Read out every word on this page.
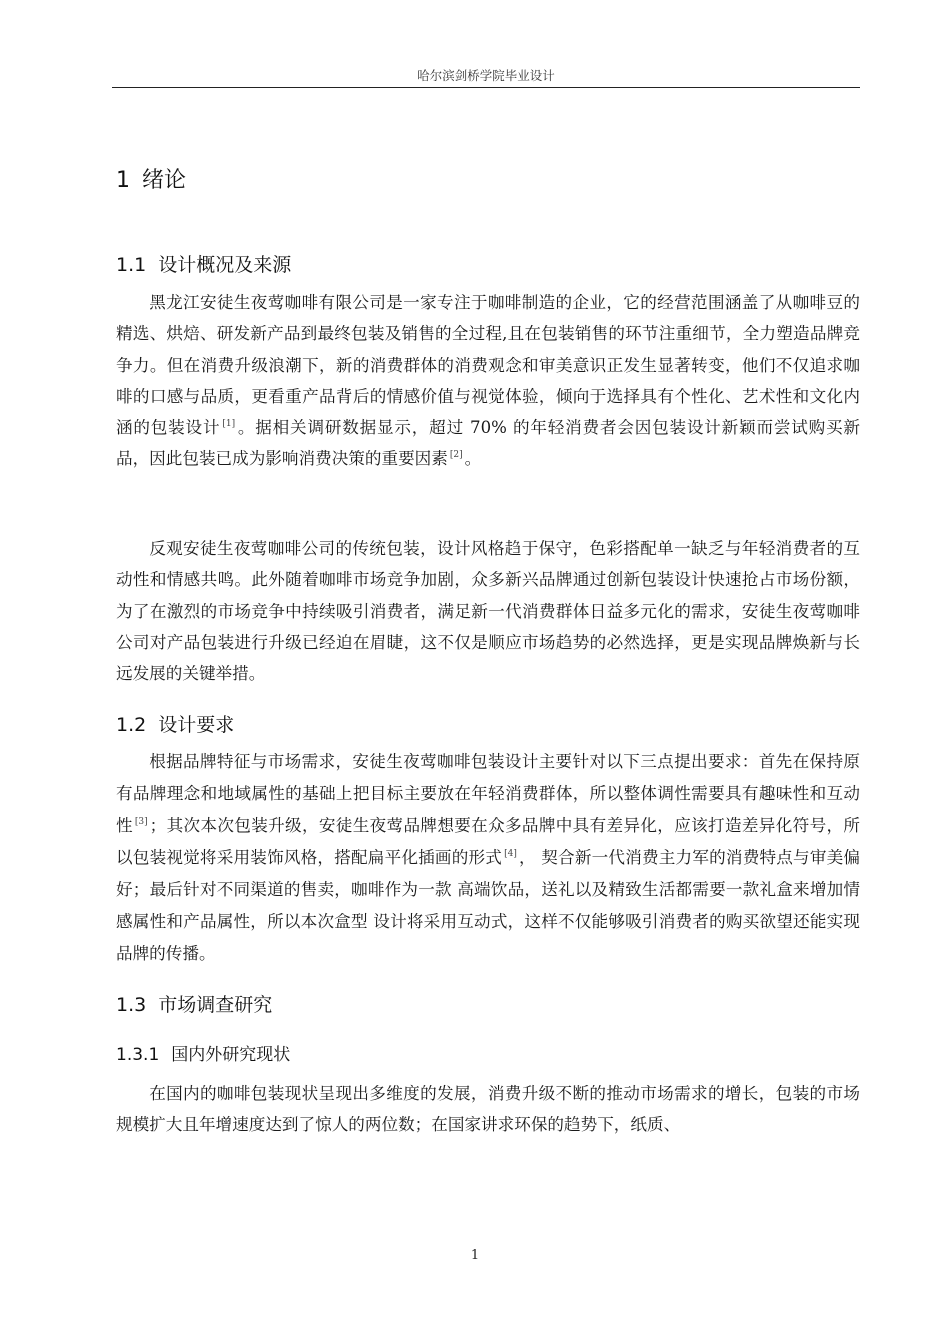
哈尔滨剑桥学院毕业设计
1 绪论
1.1 设计概况及来源

黑龙江安徒生夜莺咖啡有限公司是一家专注于咖啡制造的企业，它的经营范围涵盖了从咖啡豆的精选、烘焙、研发新产品到最终包装及销售的全过程,且在包装销售的环节注重细节，全力塑造品牌竞争力。但在消费升级浪潮下，新的消费群体的消费观念和审美意识正发生显著转变，他们不仅追求咖啡的口感与品质，更看重产品背后的情感价值与视觉体验，倾向于选择具有个性化、艺术性和文化内涵的包装设计 [1] 。据相关调研数据显示，超过 70% 的年轻消费者会因包装设计新颖而尝试购买新品，因此包装已成为影响消费决策的重要因素 [2] 。

反观安徒生夜莺咖啡公司的传统包装，设计风格趋于保守，色彩搭配单一缺乏与年轻消费者的互动性和情感共鸣。此外随着咖啡市场竞争加剧，众多新兴品牌通过创新包装设计快速抢占市场份额，为了在激烈的市场竞争中持续吸引消费者，满足新一代消费群体日益多元化的需求，安徒生夜莺咖啡公司对产品包装进行升级已经迫在眉睫，这不仅是顺应市场趋势的必然选择，更是实现品牌焕新与长远发展的关键举措。

1.2 设计要求

根据品牌特征与市场需求，安徒生夜莺咖啡包装设计主要针对以下三点提出要求：首先在保持原有品牌理念和地域属性的基础上把目标主要放在年轻消费群体，所以整体调性需要具有趣味性和互动性 [3] ；其次本次包装升级，安徒生夜莺品牌想要在众多品牌中具有差异化，应该打造差异化符号，所以包装视觉将采用装饰风格，搭配扁平化插画的形式 [4] ， 契合新一代消费主力军的消费特点与审美偏好；最后针对不同渠道的售卖，咖啡作为一款 高端饮品，送礼以及精致生活都需要一款礼盒来增加情感属性和产品属性，所以本次盒型 设计将采用互动式，这样不仅能够吸引消费者的购买欲望还能实现品牌的传播。

1.3 市场调查研究
1.3.1 国内外研究现状

在国内的咖啡包装现状呈现出多维度的发展，消费升级不断的推动市场需求的增长，包装的市场规模扩大且年增速度达到了惊人的两位数；在国家讲求环保的趋势下，纸质、

1
